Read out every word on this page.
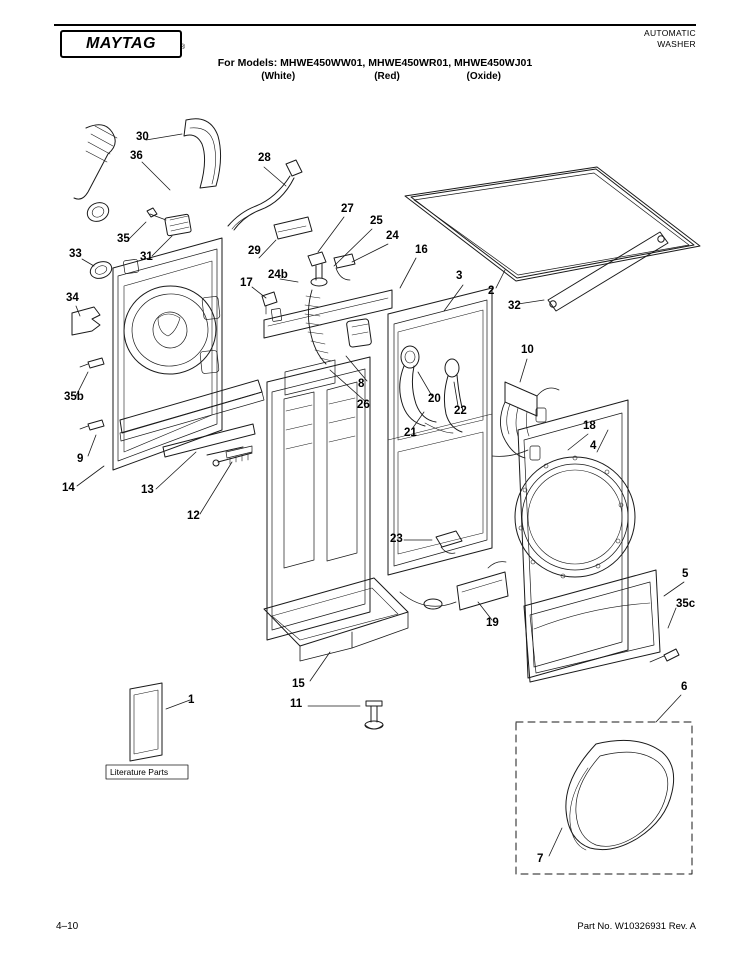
MAYTAG	®
AUTOMATIC
WASHER
For Models: MHWE450WW01, MHWE450WR01, MHWE450WJ01
(White)	(Red)	(Oxide)
1
2
3
4
5
6
7
8
9
10
11
12
13
14
15
16
17
18
19
20
21
22
23
24
24b
25
26
27
28
29
30
31
32
33
34
35
35b
35c
36
Literature Parts
4–10	Part No. W10326931 Rev. A
